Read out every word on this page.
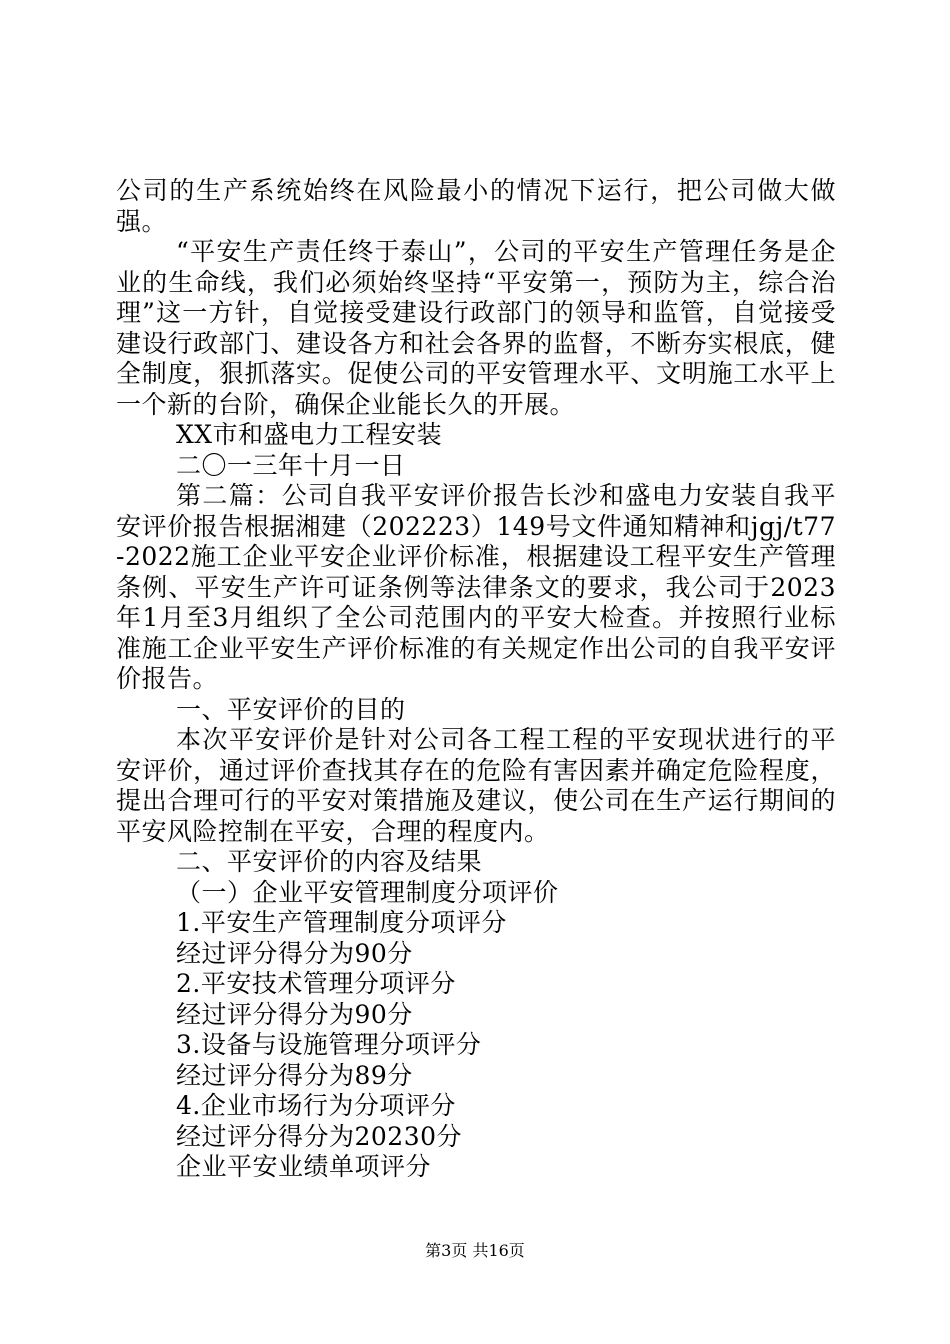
公司的生产系统始终在风险最小的情况下运行，把公司做大做强。

“平安生产责任终于泰山”，公司的平安生产管理任务是企业的生命线，我们必须始终坚持“平安第一，预防为主，综合治理”这一方针，自觉接受建设行政部门的领导和监管，自觉接受建设行政部门、建设各方和社会各界的监督，不断夯实根底，健全制度，狠抓落实。促使公司的平安管理水平、文明施工水平上一个新的台阶，确保企业能长久的开展。

XX市和盛电力工程安装

二〇一三年十月一日

第二篇：公司自我平安评价报告长沙和盛电力安装自我平安评价报告根据湘建（202223）149号文件通知精神和jgj/t77-2022施工企业平安企业评价标准，根据建设工程平安生产管理条例、平安生产许可证条例等法律条文的要求，我公司于2023年1月至3月组织了全公司范围内的平安大检查。并按照行业标准施工企业平安生产评价标准的有关规定作出公司的自我平安评价报告。

一、平安评价的目的

本次平安评价是针对公司各工程工程的平安现状进行的平安评价，通过评价查找其存在的危险有害因素并确定危险程度，提出合理可行的平安对策措施及建议，使公司在生产运行期间的平安风险控制在平安，合理的程度内。

二、平安评价的内容及结果

（一）企业平安管理制度分项评价

1.平安生产管理制度分项评分

经过评分得分为90分

2.平安技术管理分项评分

经过评分得分为90分

3.设备与设施管理分项评分

经过评分得分为89分

4.企业市场行为分项评分

经过评分得分为20230分

企业平安业绩单项评分

第3页 共16页
